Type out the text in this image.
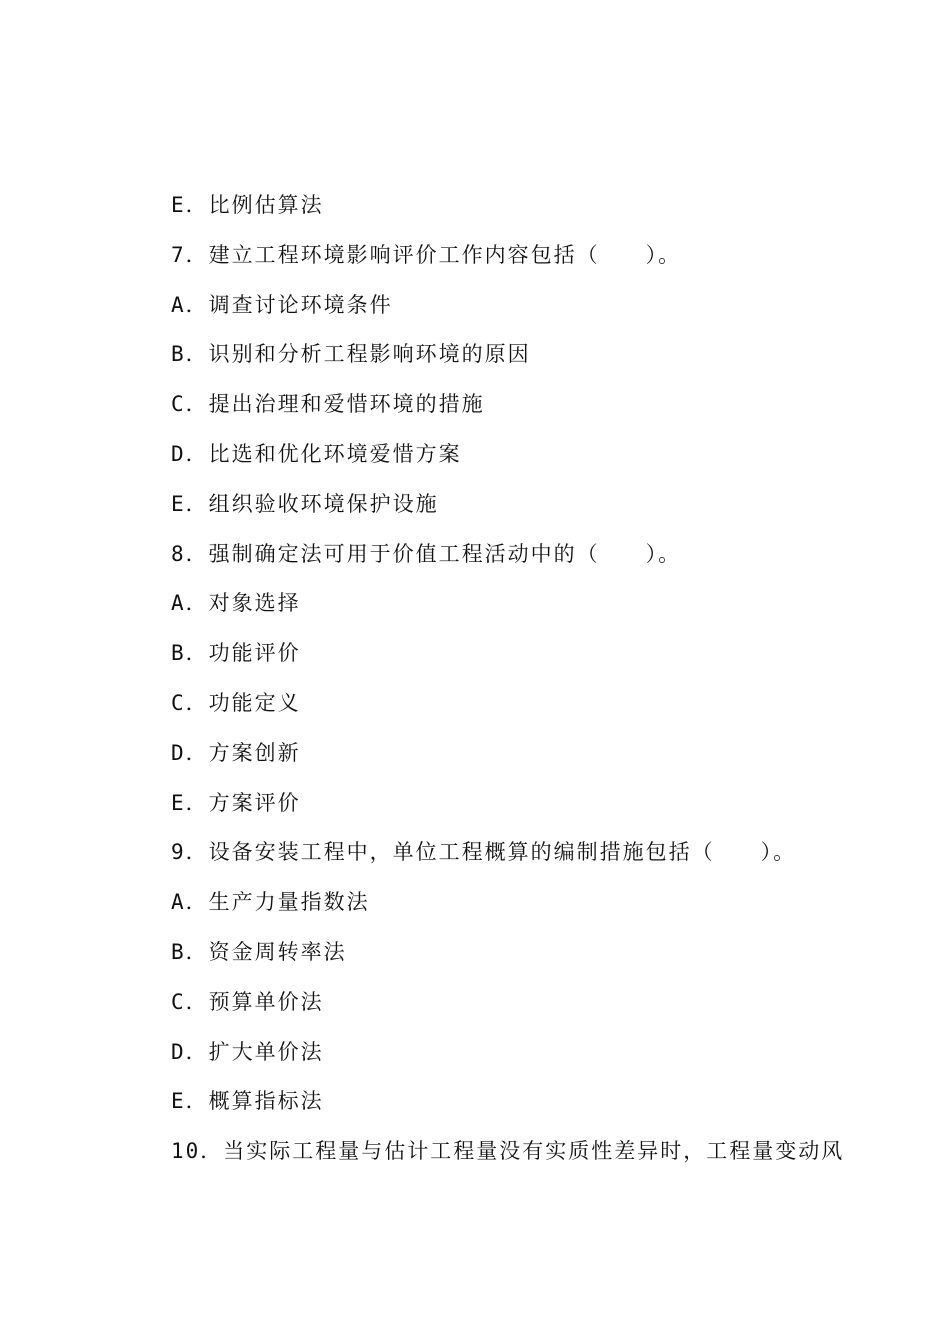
E．比例估算法
7．建立工程环境影响评价工作内容包括（　　）。
A．调查讨论环境条件
B．识别和分析工程影响环境的原因
C．提出治理和爱惜环境的措施
D．比选和优化环境爱惜方案
E．组织验收环境保护设施
8．强制确定法可用于价值工程活动中的（　　）。
A．对象选择
B．功能评价
C．功能定义
D．方案创新
E．方案评价
9．设备安装工程中，单位工程概算的编制措施包括（　　）。
A．生产力量指数法
B．资金周转率法
C．预算单价法
D．扩大单价法
E．概算指标法
10．当实际工程量与估计工程量没有实质性差异时，工程量变动风
